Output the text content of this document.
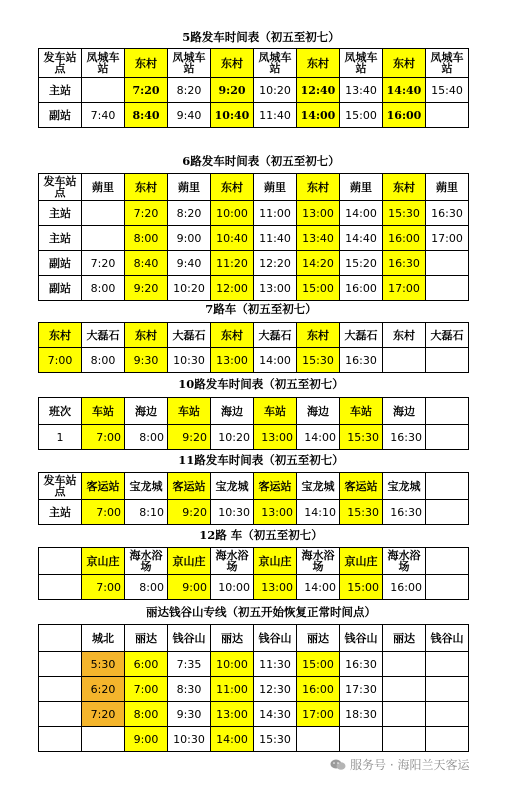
5路发车时间表（初五至初七）
6路发车时间表（初五至初七）
7路车（初五至初七）
10路发车时间表（初五至初七）
11路发车时间表（初五至初七）
12路 车（初五至初七）
丽达钱谷山专线（初五开始恢复正常时间点）
发车站点	凤城车站	东村	凤城车站	东村	凤城车站	东村	凤城车站	东村	凤城车站
主站		7:20	8:20	9:20	10:20	12:40	13:40	14:40	15:40
副站	7:40	8:40	9:40	10:40	11:40	14:00	15:00	16:00	
发车站点	蒴里	东村	蒴里	东村	蒴里	东村	蒴里	东村	蒴里
主站		7:20	8:20	10:00	11:00	13:00	14:00	15:30	16:30
主站		8:00	9:00	10:40	11:40	13:40	14:40	16:00	17:00
副站	7:20	8:40	9:40	11:20	12:20	14:20	15:20	16:30	
副站	8:00	9:20	10:20	12:00	13:00	15:00	16:00	17:00	
东村	大磊石	东村	大磊石	东村	大磊石	东村	大磊石	东村	大磊石
7:00	8:00	9:30	10:30	13:00	14:00	15:30	16:30		
班次	车站	海边	车站	海边	车站	海边	车站	海边	
1	7:00	8:00	9:20	10:20	13:00	14:00	15:30	16:30	
发车站点	客运站	宝龙城	客运站	宝龙城	客运站	宝龙城	客运站	宝龙城	
主站	7:00	8:10	9:20	10:30	13:00	14:10	15:30	16:30	
	京山庄	海水浴场	京山庄	海水浴场	京山庄	海水浴场	京山庄	海水浴场	
	7:00	8:00	9:00	10:00	13:00	14:00	15:00	16:00	
	城北	丽达	钱谷山	丽达	钱谷山	丽达	钱谷山	丽达	钱谷山
	5:30	6:00	7:35	10:00	11:30	15:00	16:30		
	6:20	7:00	8:30	11:00	12:30	16:00	17:30		
	7:20	8:00	9:30	13:00	14:30	17:00	18:30		
		9:00	10:30	14:00	15:30				
服务号 · 海阳兰天客运
